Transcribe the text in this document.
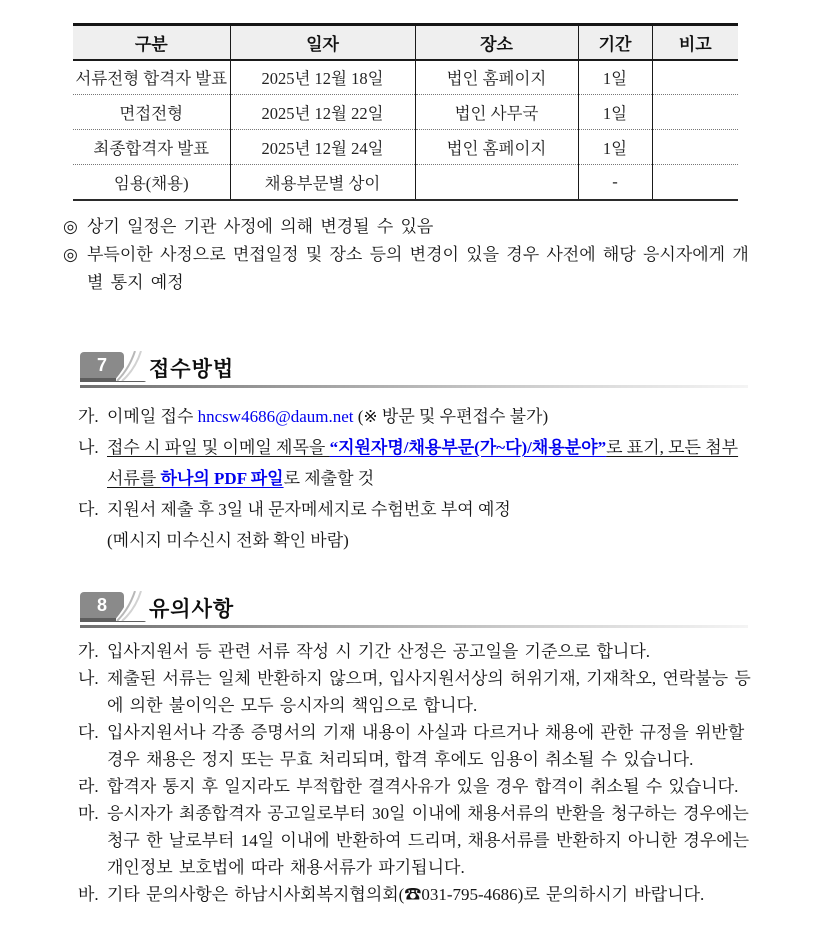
구분	일자	장소	기간	비고
서류전형 합격자 발표	2025년 12월 18일	법인 홈페이지	1일	
면접전형	2025년 12월 22일	법인 사무국	1일	
최종합격자 발표	2025년 12월 24일	법인 홈페이지	1일	
임용(채용)	채용부문별 상이		-	
◎ 상기 일정은 기관 사정에 의해 변경될 수 있음
◎ 부득이한 사정으로 면접일정 및 장소 등의 변경이 있을 경우 사전에 해당 응시자에게 개
별 통지 예정
7	접수방법
가. 이메일 접수 hncsw4686@daum.net (※ 방문 및 우편접수 불가)
나. 접수 시 파일 및 이메일 제목을 “지원자명/채용부문(가~다)/채용분야”로 표기, 모든 첨부
서류를 하나의 PDF 파일로 제출할 것
다. 지원서 제출 후 3일 내 문자메세지로 수험번호 부여 예정
(메시지 미수신시 전화 확인 바람)
8	유의사항
가. 입사지원서 등 관련 서류 작성 시 기간 산정은 공고일을 기준으로 합니다.
나. 제출된 서류는 일체 반환하지 않으며, 입사지원서상의 허위기재, 기재착오, 연락불능 등
에 의한 불이익은 모두 응시자의 책임으로 합니다.
다. 입사지원서나 각종 증명서의 기재 내용이 사실과 다르거나 채용에 관한 규정을 위반할
경우 채용은 정지 또는 무효 처리되며, 합격 후에도 임용이 취소될 수 있습니다.
라. 합격자 통지 후 일지라도 부적합한 결격사유가 있을 경우 합격이 취소될 수 있습니다.
마. 응시자가 최종합격자 공고일로부터 30일 이내에 채용서류의 반환을 청구하는 경우에는
청구 한 날로부터 14일 이내에 반환하여 드리며, 채용서류를 반환하지 아니한 경우에는
개인정보 보호법에 따라 채용서류가 파기됩니다.
바. 기타 문의사항은 하남시사회복지협의회(☎031-795-4686)로 문의하시기 바랍니다.
